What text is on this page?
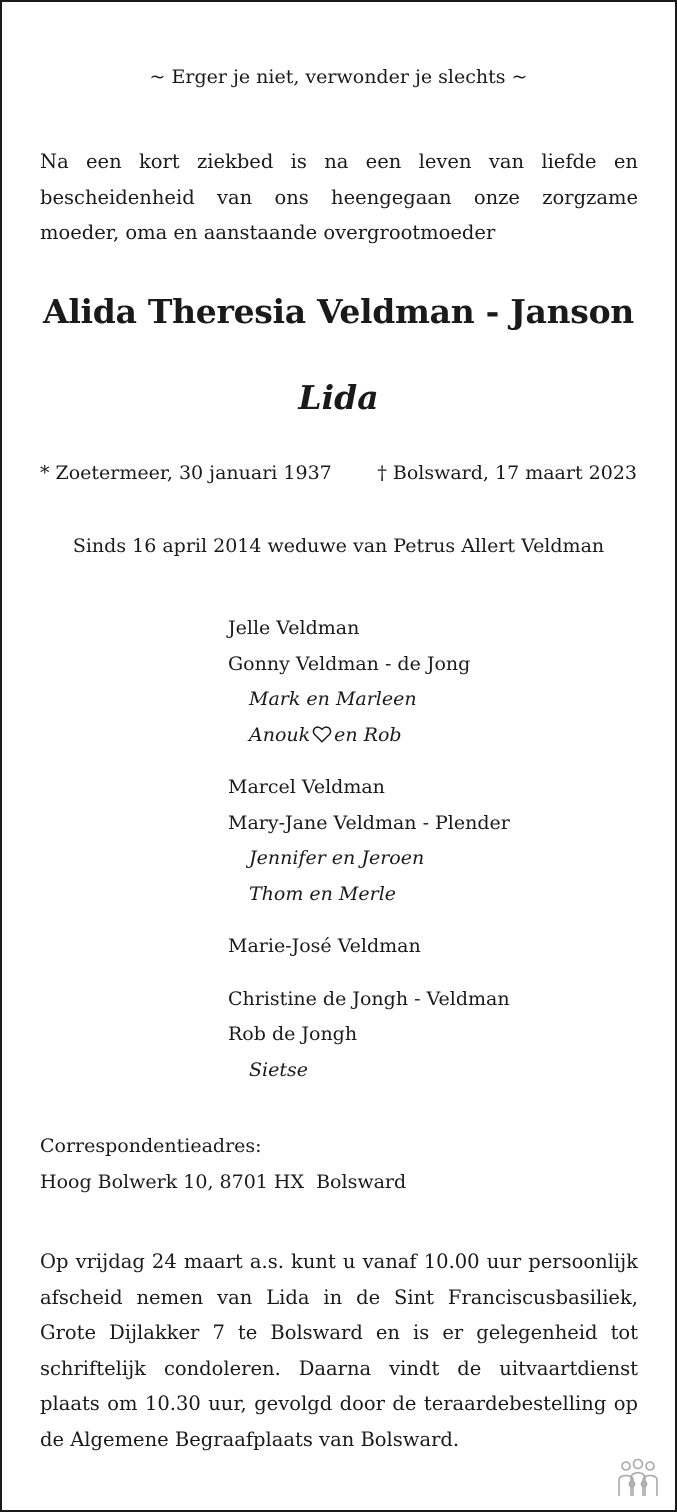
~ Erger je niet, verwonder je slechts ~
Na een kort ziekbed is na een leven van liefde en bescheidenheid van ons heengegaan onze zorgzame moeder, oma en aanstaande overgrootmoeder
Alida Theresia Veldman - Janson
Lida
* Zoetermeer, 30 januari 1937 † Bolsward, 17 maart 2023
Sinds 16 april 2014 weduwe van Petrus Allert Veldman
Jelle Veldman
Gonny Veldman - de Jong
Mark en Marleen
Anouk en Rob
Marcel Veldman
Mary-Jane Veldman - Plender
Jennifer en Jeroen
Thom en Merle
Marie-José Veldman
Christine de Jongh - Veldman
Rob de Jongh
Sietse
Correspondentieadres:
Hoog Bolwerk 10, 8701 HX  Bolsward
Op vrijdag 24 maart a.s. kunt u vanaf 10.00 uur persoonlijk afscheid nemen van Lida in de Sint Franciscusbasiliek, Grote Dijlakker 7 te Bolsward en is er gelegenheid tot schriftelijk condoleren. Daarna vindt de uitvaartdienst plaats om 10.30 uur, gevolgd door de teraardebestelling op de Algemene Begraafplaats van Bolsward.
